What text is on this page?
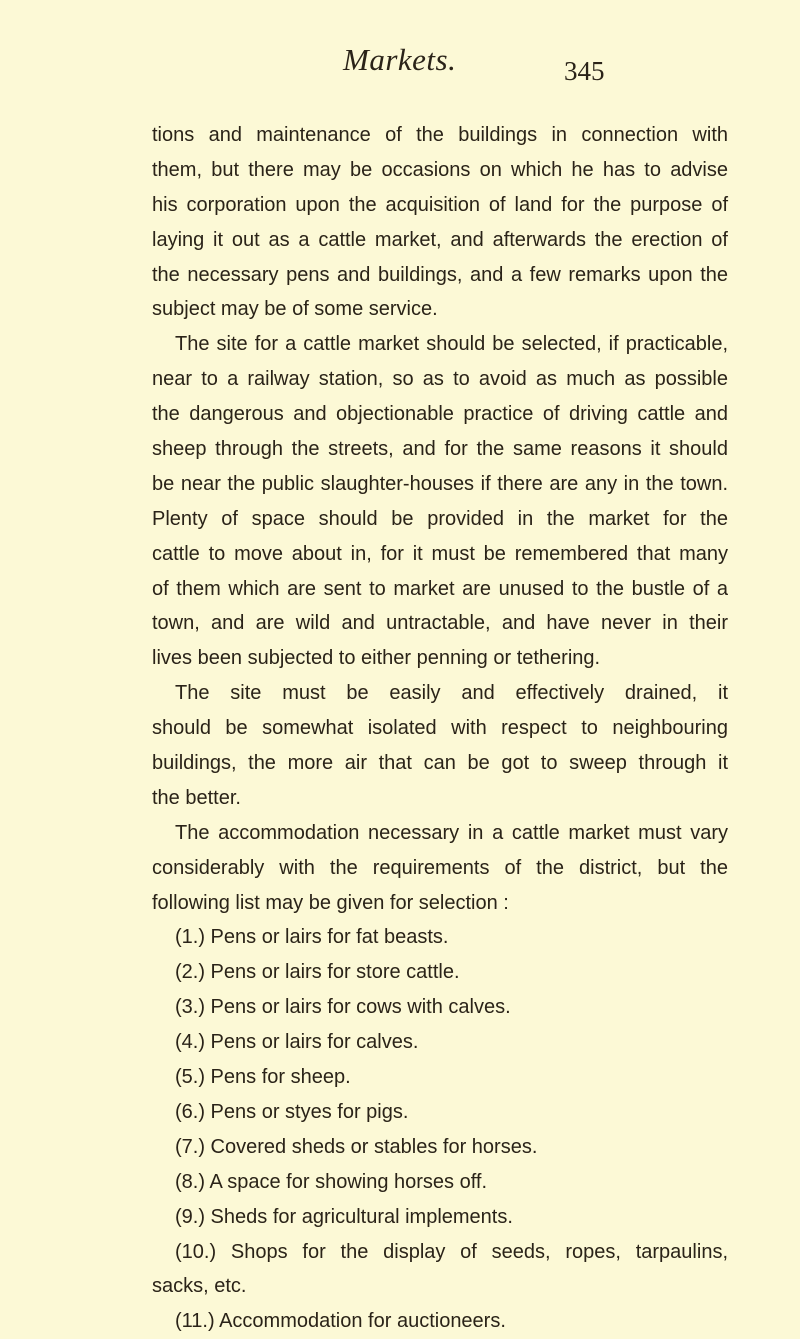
Markets.	345
tions and maintenance of the buildings in connection with
them, but there may be occasions on which he has to advise
his corporation upon the acquisition of land for the purpose of
laying it out as a cattle market, and afterwards the erection of
the necessary pens and buildings, and a few remarks upon the
subject may be of some service.
The site for a cattle market should be selected, if practicable,
near to a railway station, so as to avoid as much as possible
the dangerous and objectionable practice of driving cattle and
sheep through the streets, and for the same reasons it should
be near the public slaughter-houses if there are any in the town.
Plenty of space should be provided in the market for the
cattle to move about in, for it must be remembered that many
of them which are sent to market are unused to the bustle of a
town, and are wild and untractable, and have never in their
lives been subjected to either penning or tethering.
The site must be easily and effectively drained, it
should be somewhat isolated with respect to neighbouring
buildings, the more air that can be got to sweep through it
the better.
The accommodation necessary in a cattle market must vary
considerably with the requirements of the district, but the
following list may be given for selection :
(1.) Pens or lairs for fat beasts.
(2.) Pens or lairs for store cattle.
(3.) Pens or lairs for cows with calves.
(4.) Pens or lairs for calves.
(5.) Pens for sheep.
(6.) Pens or styes for pigs.
(7.) Covered sheds or stables for horses.
(8.) A space for showing horses off.
(9.) Sheds for agricultural implements.
(10.) Shops for the display of seeds, ropes, tarpaulins,
sacks, etc.
(11.) Accommodation for auctioneers.
